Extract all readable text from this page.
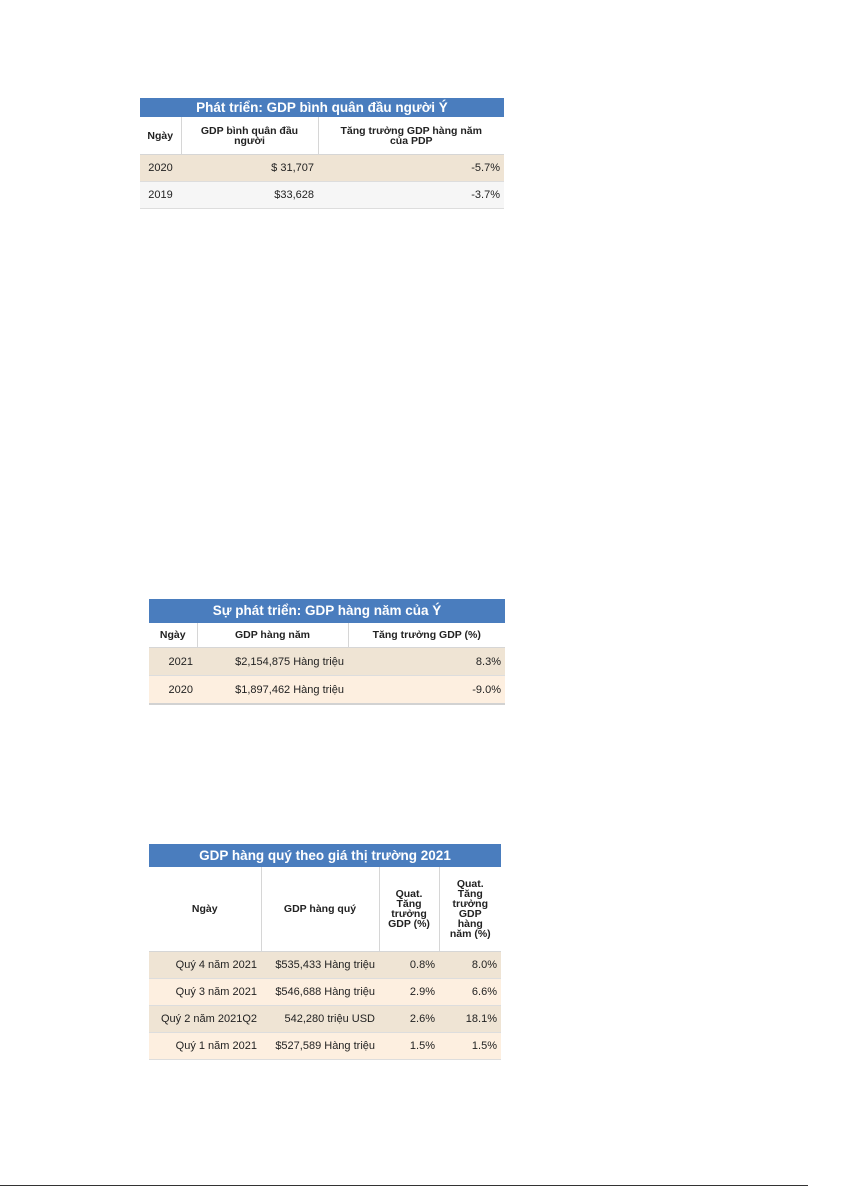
Phát triển: GDP bình quân đầu người Ý
Ngày	GDP bình quân đầu người	Tăng trưởng GDP hàng năm của PDP
2020	$ 31,707	-5.7%
2019	$33,628	-3.7%
Sự phát triển: GDP hàng năm của Ý
Ngày	GDP hàng năm	Tăng trưởng GDP (%)
2021	$2,154,875 Hàng triệu	8.3%
2020	$1,897,462 Hàng triệu	-9.0%
GDP hàng quý theo giá thị trường 2021
Ngày	GDP hàng quý	Quat. Tăng trưởng GDP (%)	Quat. Tăng trưởng GDP hàng năm (%)
Quý 4 năm 2021	$535,433 Hàng triệu	0.8%	8.0%
Quý 3 năm 2021	$546,688 Hàng triệu	2.9%	6.6%
Quý 2 năm 2021Q2	542,280 triệu USD	2.6%	18.1%
Quý 1 năm 2021	$527,589 Hàng triệu	1.5%	1.5%
